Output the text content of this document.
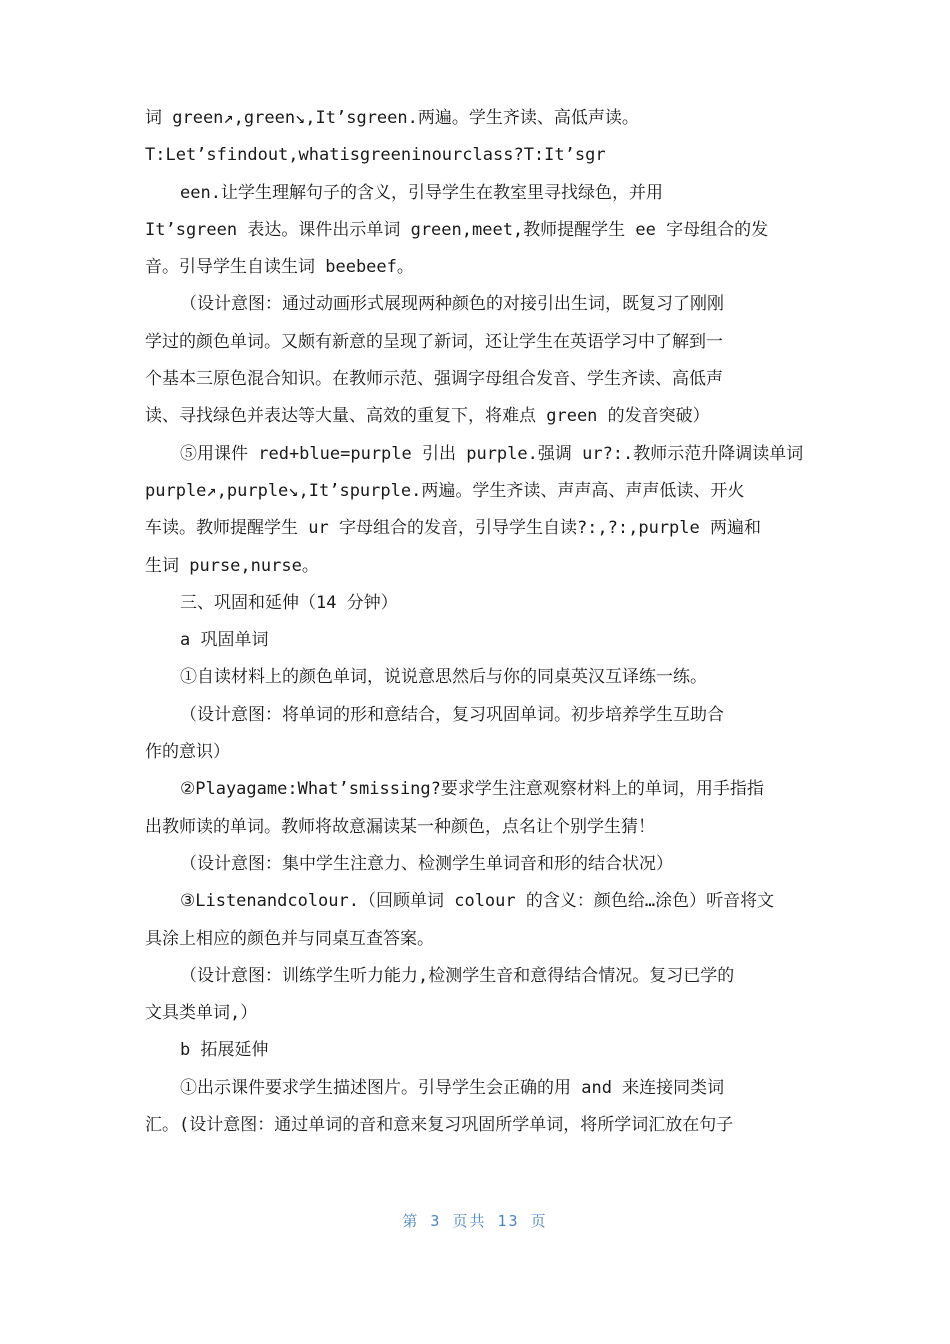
词 green↗,green↘,It’sgreen.两遍。学生齐读、高低声读。
T:Let’sfindout,whatisgreeninourclass?T:It’sgr
een.让学生理解句子的含义，引导学生在教室里寻找绿色，并用
It’sgreen 表达。课件出示单词 green,meet,教师提醒学生 ee 字母组合的发
音。引导学生自读生词 beebeef。
（设计意图：通过动画形式展现两种颜色的对接引出生词，既复习了刚刚
学过的颜色单词。又颇有新意的呈现了新词，还让学生在英语学习中了解到一
个基本三原色混合知识。在教师示范、强调字母组合发音、学生齐读、高低声
读、寻找绿色并表达等大量、高效的重复下，将难点 green 的发音突破）
⑤用课件 red+blue=purple 引出 purple.强调 ur?:.教师示范升降调读单词
purple↗,purple↘,It’spurple.两遍。学生齐读、声声高、声声低读、开火
车读。教师提醒学生 ur 字母组合的发音，引导学生自读?:,?:,purple 两遍和
生词 purse,nurse。
三、巩固和延伸（14 分钟）
a 巩固单词
①自读材料上的颜色单词，说说意思然后与你的同桌英汉互译练一练。
（设计意图：将单词的形和意结合，复习巩固单词。初步培养学生互助合
作的意识）
②Playagame:What’smissing?要求学生注意观察材料上的单词，用手指指
出教师读的单词。教师将故意漏读某一种颜色，点名让个别学生猜！
（设计意图：集中学生注意力、检测学生单词音和形的结合状况）
③Listenandcolour.（回顾单词 colour 的含义：颜色给…涂色）听音将文
具涂上相应的颜色并与同桌互查答案。
（设计意图：训练学生听力能力,检测学生音和意得结合情况。复习已学的
文具类单词,）
b 拓展延伸
①出示课件要求学生描述图片。引导学生会正确的用 and 来连接同类词
汇。(设计意图：通过单词的音和意来复习巩固所学单词，将所学词汇放在句子
第 3 页共 13 页
